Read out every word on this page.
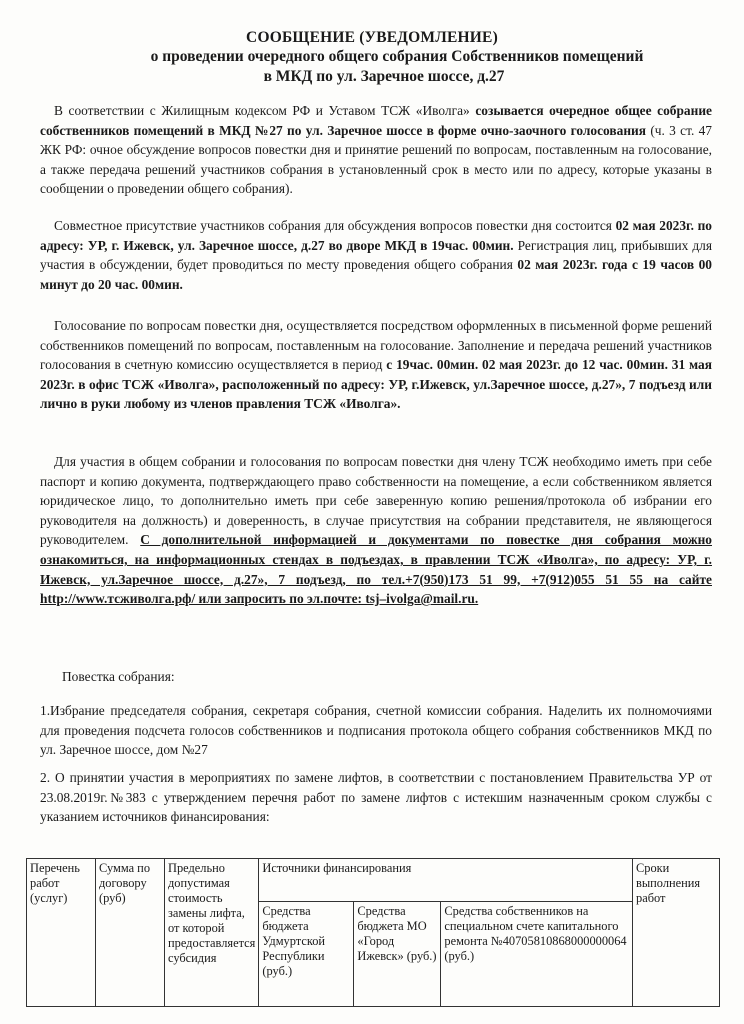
СООБЩЕНИЕ (УВЕДОМЛЕНИЕ)
о проведении очередного общего собрания Собственников помещений
в МКД по ул. Заречное шоссе, д.27
В соответствии с Жилищным кодексом РФ и Уставом ТСЖ «Иволга» созывается очередное общее собрание собственников помещений в МКД №27 по ул. Заречное шоссе в форме очно-заочного голосования (ч. 3 ст. 47 ЖК РФ: очное обсуждение вопросов повестки дня и принятие решений по вопросам, поставленным на голосование, а также передача решений участников собрания в установленный срок в место или по адресу, которые указаны в сообщении о проведении общего собрания).
Совместное присутствие участников собрания для обсуждения вопросов повестки дня состоится 02 мая 2023г. по адресу: УР, г. Ижевск, ул. Заречное шоссе, д.27 во дворе МКД в 19час. 00мин. Регистрация лиц, прибывших для участия в обсуждении, будет проводиться по месту проведения общего собрания 02 мая 2023г. года с 19 часов 00 минут до 20 час. 00мин.
Голосование по вопросам повестки дня, осуществляется посредством оформленных в письменной форме решений собственников помещений по вопросам, поставленным на голосование. Заполнение и передача решений участников голосования в счетную комиссию осуществляется в период с 19час. 00мин. 02 мая 2023г. до 12 час. 00мин. 31 мая 2023г. в офис ТСЖ «Иволга», расположенный по адресу: УР, г.Ижевск, ул.Заречное шоссе, д.27», 7 подъезд или лично в руки любому из членов правления ТСЖ «Иволга».
Для участия в общем собрании и голосования по вопросам повестки дня члену ТСЖ необходимо иметь при себе паспорт и копию документа, подтверждающего право собственности на помещение, а если собственником является юридическое лицо, то дополнительно иметь при себе заверенную копию решения/протокола об избрании его руководителя на должность) и доверенность, в случае присутствия на собрании представителя, не являющегося руководителем. С дополнительной информацией и документами по повестке дня собрания можно ознакомиться, на информационных стендах в подъездах, в правлении ТСЖ «Иволга», по адресу: УР, г. Ижевск, ул.Заречное шоссе, д.27», 7 подъезд, по тел.+7(950)173 51 99, +7(912)055 51 55 на сайте http://www.тсживолга.рф/ или запросить по эл.почте: tsj–ivolga@mail.ru.
Повестка собрания:
1.Избрание председателя собрания, секретаря собрания, счетной комиссии собрания. Наделить их полномочиями для проведения подсчета голосов собственников и подписания протокола общего собрания собственников МКД по ул. Заречное шоссе, дом №27
2. О принятии участия в мероприятиях по замене лифтов, в соответствии с постановлением Правительства УР от 23.08.2019г.№383 с утверждением перечня работ по замене лифтов с истекшим назначенным сроком службы с указанием источников финансирования:
Перечень работ (услуг)	Сумма по договору (руб)	Предельно допустимая стоимость замены лифта, от которой предоставляется субсидия	Источники финансирования			Сроки выполнения работ
			Средства бюджета Удмуртской Республики (руб.)	Средства бюджета МО «Город Ижевск» (руб.)	Средства собственников на специальном счете капитального ремонта №40705810868000000064 (руб.)	
